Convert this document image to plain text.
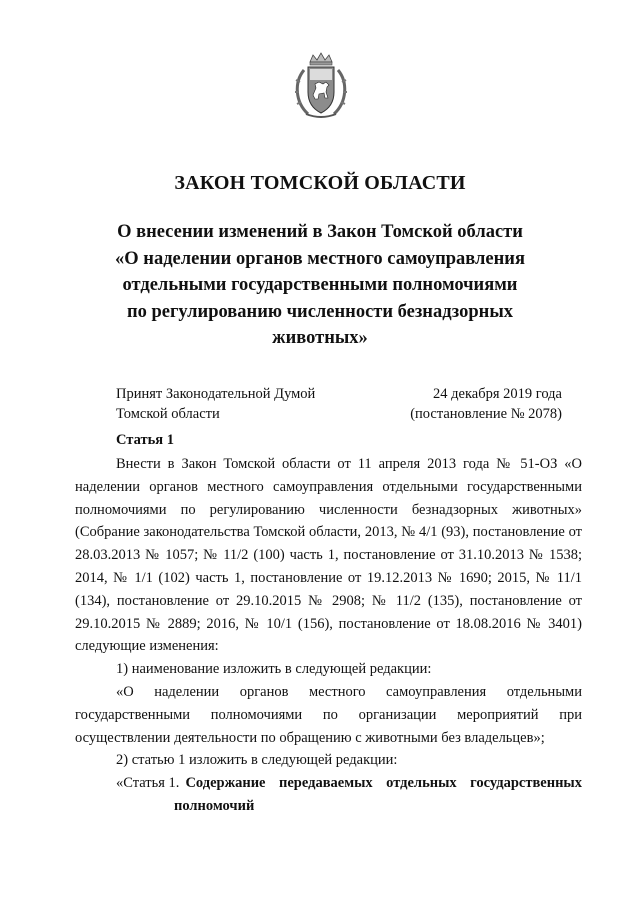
ЗАКОН ТОМСКОЙ ОБЛАСТИ
О внесении изменений в Закон Томской области
«О наделении органов местного самоуправления
отдельными государственными полномочиями
по регулированию численности безнадзорных
животных»
Принят Законодательной Думой
Томской области
24 декабря 2019 года
(постановление № 2078)
Статья 1

Внести в Закон Томской области от 11 апреля 2013 года № 51-ОЗ «О наделении органов местного самоуправления отдельными государственными полномочиями по регулированию численности безнадзорных животных» (Собрание законодательства Томской области, 2013, № 4/1 (93), постановление от 28.03.2013 № 1057; № 11/2 (100) часть 1, постановление от 31.10.2013 № 1538; 2014, № 1/1 (102) часть 1, постановление от 19.12.2013 № 1690; 2015, № 11/1 (134), постановление от 29.10.2015 № 2908; № 11/2 (135), постановление от 29.10.2015 № 2889; 2016, № 10/1 (156), постановление от 18.08.2016 № 3401) следующие изменения:

1) наименование изложить в следующей редакции:

«О наделении органов местного самоуправления отдельными государственными полномочиями по организации мероприятий при осуществлении деятельности по обращению с животными без владельцев»;

2) статью 1 изложить в следующей редакции:

«Статья 1. Содержание передаваемых отдельных государственных

полномочий
